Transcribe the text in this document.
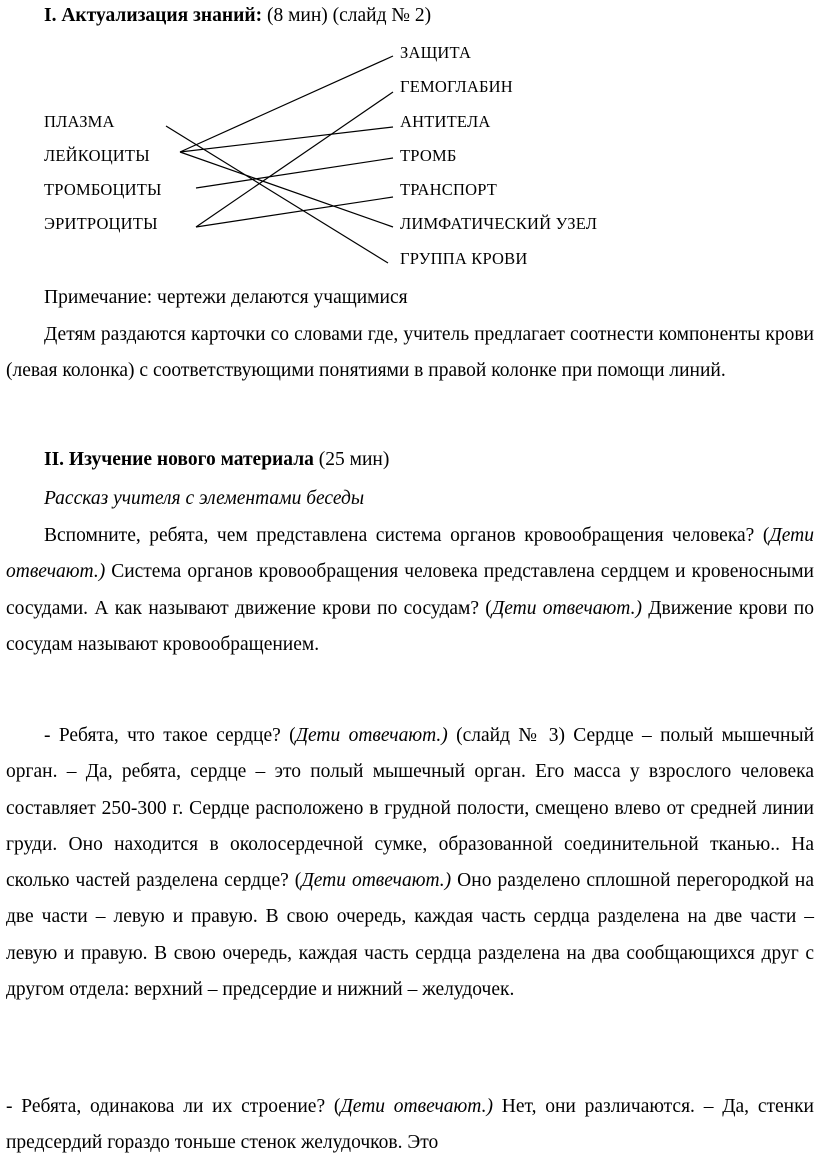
I. Актуализация знаний: (8 мин) (слайд № 2)
ПЛАЗМА
ЛЕЙКОЦИТЫ
ТРОМБОЦИТЫ
ЭРИТРОЦИТЫ
ЗАЩИТА
ГЕМОГЛАБИН
АНТИТЕЛА
ТРОМБ
ТРАНСПОРТ
ЛИМФАТИЧЕСКИЙ УЗЕЛ
ГРУППА КРОВИ

Примечание: чертежи делаются учащимися

Детям раздаются карточки со словами где, учитель предлагает соотнести компоненты крови (левая колонка) с соответствующими понятиями в правой колонке при помощи линий.

II. Изучение нового материала (25 мин)
Рассказ учителя с элементами беседы

Вспомните, ребята, чем представлена система органов кровообращения человека? (Дети отвечают.) Система органов кровообращения человека представлена сердцем и кровеносными сосудами. А как называют движение крови по сосудам? (Дети отвечают.) Движение крови по сосудам называют кровообращением.

- Ребята, что такое сердце? (Дети отвечают.) (слайд № 3) Сердце – полый мышечный орган. – Да, ребята, сердце – это полый мышечный орган. Его масса у взрослого человека составляет 250-300 г. Сердце расположено в грудной полости, смещено влево от средней линии груди. Оно находится в околосердечной сумке, образованной соединительной тканью.. На сколько частей разделена сердце? (Дети отвечают.) Оно разделено сплошной перегородкой на две части – левую и правую. В свою очередь, каждая часть сердца разделена на две части – левую и правую. В свою очередь, каждая часть сердца разделена на два сообщающихся друг с другом отдела: верхний – предсердие и нижний – желудочек.

- Ребята, одинакова ли их строение? (Дети отвечают.) Нет, они различаются. – Да, стенки предсердий гораздо тоньше стенок желудочков. Это
